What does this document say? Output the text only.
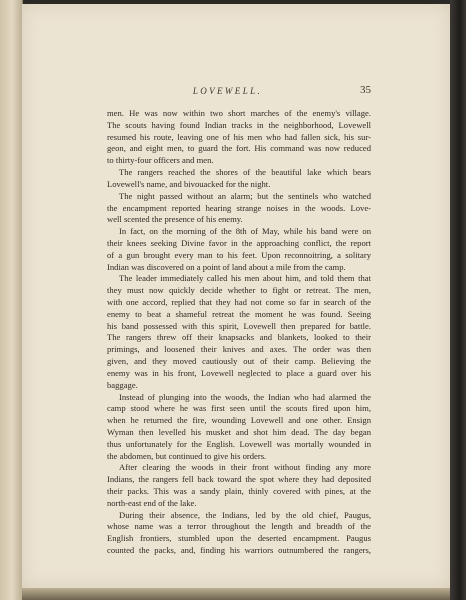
LOVEWELL.	35
men. He was now within two short marches of the enemy's village.
The scouts having found Indian tracks in the neighborhood, Lovewell
resumed his route, leaving one of his men who had fallen sick, his sur-
geon, and eight men, to guard the fort. His command was now reduced
to thirty-four officers and men.
The rangers reached the shores of the beautiful lake which bears
Lovewell's name, and bivouacked for the night.
The night passed without an alarm; but the sentinels who watched
the encampment reported hearing strange noises in the woods. Love-
well scented the presence of his enemy.
In fact, on the morning of the 8th of May, while his band were on
their knees seeking Divine favor in the approaching conflict, the report
of a gun brought every man to his feet. Upon reconnoitring, a solitary
Indian was discovered on a point of land about a mile from the camp.
The leader immediately called his men about him, and told them that
they must now quickly decide whether to fight or retreat. The men,
with one accord, replied that they had not come so far in search of the
enemy to beat a shameful retreat the moment he was found. Seeing
his band possessed with this spirit, Lovewell then prepared for battle.
The rangers threw off their knapsacks and blankets, looked to their
primings, and loosened their knives and axes. The order was then
given, and they moved cautiously out of their camp. Believing the
enemy was in his front, Lovewell neglected to place a guard over his
baggage.
Instead of plunging into the woods, the Indian who had alarmed the
camp stood where he was first seen until the scouts fired upon him,
when he returned the fire, wounding Lovewell and one other. Ensign
Wyman then levelled his musket and shot him dead. The day began
thus unfortunately for the English. Lovewell was mortally wounded in
the abdomen, but continued to give his orders.
After clearing the woods in their front without finding any more
Indians, the rangers fell back toward the spot where they had deposited
their packs. This was a sandy plain, thinly covered with pines, at the
north-east end of the lake.
During their absence, the Indians, led by the old chief, Paugus,
whose name was a terror throughout the length and breadth of the
English frontiers, stumbled upon the deserted encampment. Paugus
counted the packs, and, finding his warriors outnumbered the rangers,
